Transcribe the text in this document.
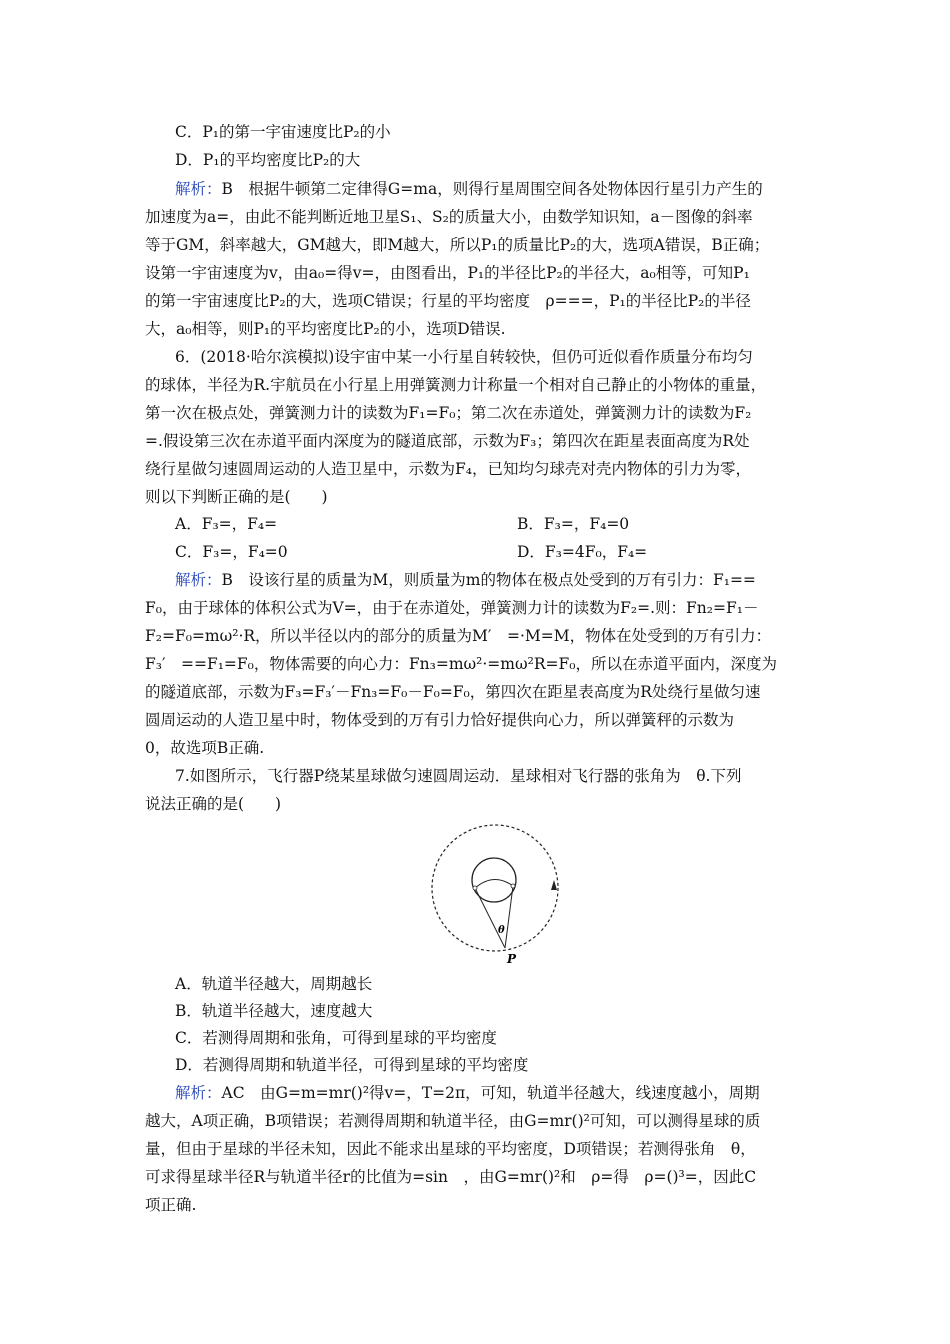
C．P₁的第一宇宙速度比P₂的小
D．P₁的平均密度比P₂的大
解析：B　根据牛顿第二定律得G=ma，则得行星周围空间各处物体因行星引力产生的
加速度为a=，由此不能判断近地卫星S₁、S₂的质量大小，由数学知识知，a－图像的斜率
等于GM，斜率越大，GM越大，即M越大，所以P₁的质量比P₂的大，选项A错误，B正确；
设第一宇宙速度为v，由a₀=得v=，由图看出，P₁的半径比P₂的半径大，a₀相等，可知P₁
的第一宇宙速度比P₂的大，选项C错误；行星的平均密度　ρ===，P₁的半径比P₂的半径
大，a₀相等，则P₁的平均密度比P₂的小，选项D错误.
6．(2018·哈尔滨模拟)设宇宙中某一小行星自转较快，但仍可近似看作质量分布均匀
的球体，半径为R.宇航员在小行星上用弹簧测力计称量一个相对自己静止的小物体的重量，
第一次在极点处，弹簧测力计的读数为F₁=F₀；第二次在赤道处，弹簧测力计的读数为F₂
=.假设第三次在赤道平面内深度为的隧道底部，示数为F₃；第四次在距星表面高度为R处
绕行星做匀速圆周运动的人造卫星中，示数为F₄，已知均匀球壳对壳内物体的引力为零，
则以下判断正确的是(　　)
A．F₃=，F₄=	B．F₃=，F₄=0
C．F₃=，F₄=0	D．F₃=4F₀，F₄=
解析：B　设该行星的质量为M，则质量为m的物体在极点处受到的万有引力：F₁==
F₀，由于球体的体积公式为V=，由于在赤道处，弹簧测力计的读数为F₂=.则：Fn₂=F₁－
F₂=F₀=mω²·R，所以半径以内的部分的质量为M′　=·M=M，物体在处受到的万有引力：
F₃′　==F₁=F₀，物体需要的向心力：Fn₃=mω²·=mω²R=F₀，所以在赤道平面内，深度为
的隧道底部，示数为F₃=F₃′－Fn₃=F₀－F₀=F₀，第四次在距星表高度为R处绕行星做匀速
圆周运动的人造卫星中时，物体受到的万有引力恰好提供向心力，所以弹簧秤的示数为
0，故选项B正确.
7.如图所示，飞行器P绕某星球做匀速圆周运动．星球相对飞行器的张角为　θ.下列
说法正确的是(　　)
θ
P
A．轨道半径越大，周期越长
B．轨道半径越大，速度越大
C．若测得周期和张角，可得到星球的平均密度
D．若测得周期和轨道半径，可得到星球的平均密度
解析：AC　由G=m=mr()²得v=，T=2π，可知，轨道半径越大，线速度越小，周期
越大，A项正确，B项错误；若测得周期和轨道半径，由G=mr()²可知，可以测得星球的质
量，但由于星球的半径未知，因此不能求出星球的平均密度，D项错误；若测得张角　θ，
可求得星球半径R与轨道半径r的比值为=sin　，由G=mr()²和　ρ=得　ρ=()³=，因此C
项正确.
